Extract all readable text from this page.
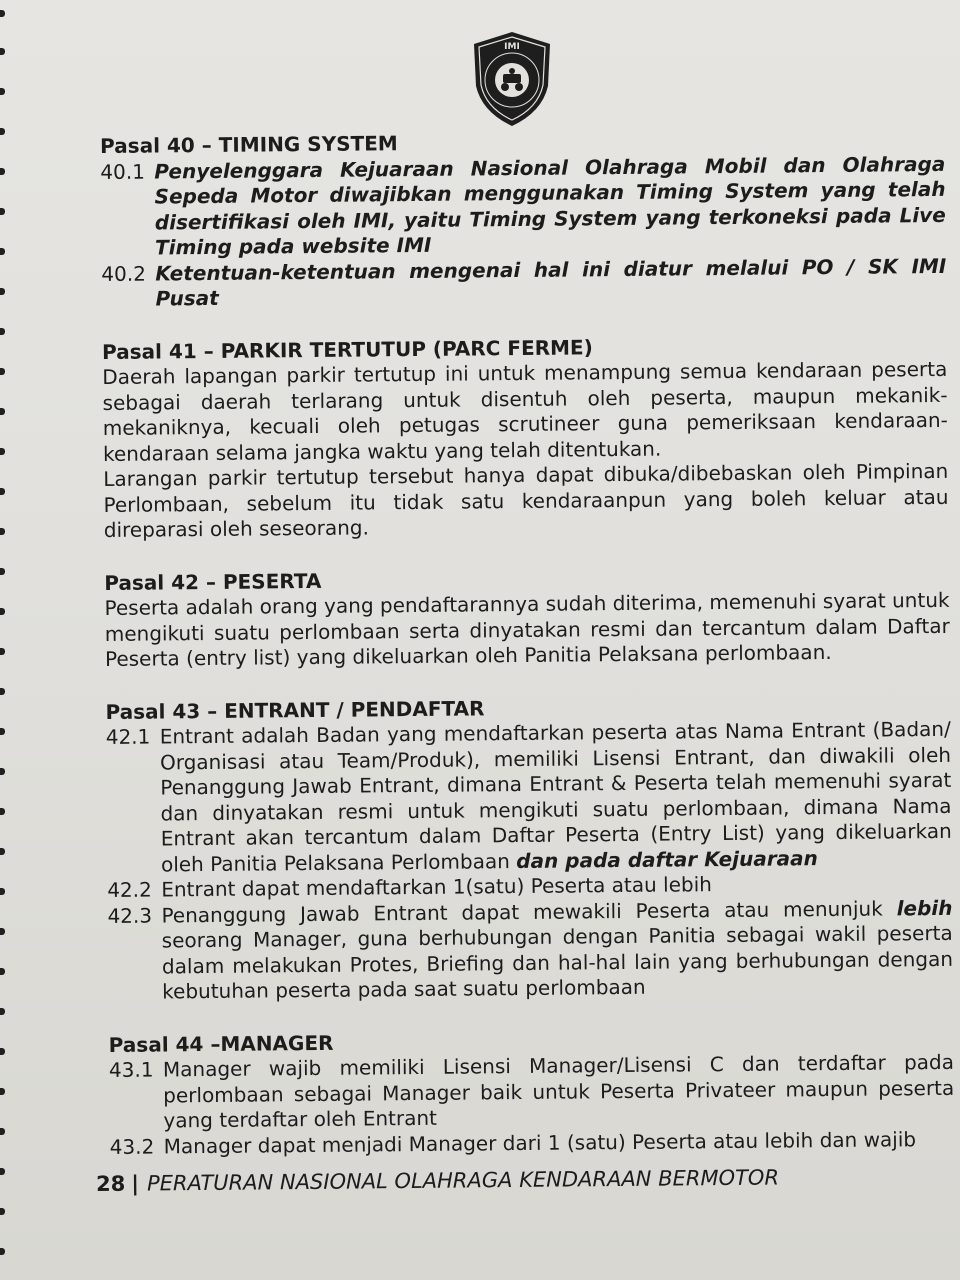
IMI

Pasal 40 – TIMING SYSTEM

40.1 Penyelenggara Kejuaraan Nasional Olahraga Mobil dan Olahraga Sepeda Motor diwajibkan menggunakan Timing System yang telah disertifikasi oleh IMI, yaitu Timing System yang terkoneksi pada Live Timing pada website IMI
40.2 Ketentuan-ketentuan mengenai hal ini diatur melalui PO / SK IMI Pusat

Pasal 41 – PARKIR TERTUTUP (PARC FERME)

Daerah lapangan parkir tertutup ini untuk menampung semua kendaraan peserta sebagai daerah terlarang untuk disentuh oleh peserta, maupun mekanik-mekaniknya, kecuali oleh petugas scrutineer guna pemeriksaan kendaraan-kendaraan selama jangka waktu yang telah ditentukan.

Larangan parkir tertutup tersebut hanya dapat dibuka/dibebaskan oleh Pimpinan Perlombaan, sebelum itu tidak satu kendaraanpun yang boleh keluar atau direparasi oleh seseorang.

Pasal 42 – PESERTA

Peserta adalah orang yang pendaftarannya sudah diterima, memenuhi syarat untuk mengikuti suatu perlombaan serta dinyatakan resmi dan tercantum dalam Daftar Peserta (entry list) yang dikeluarkan oleh Panitia Pelaksana perlombaan.

Pasal 43 – ENTRANT / PENDAFTAR

42.1 Entrant adalah Badan yang mendaftarkan peserta atas Nama Entrant (Badan/ Organisasi atau Team/Produk), memiliki Lisensi Entrant, dan diwakili oleh Penanggung Jawab Entrant, dimana Entrant & Peserta telah memenuhi syarat dan dinyatakan resmi untuk mengikuti suatu perlombaan, dimana Nama Entrant akan tercantum dalam Daftar Peserta (Entry List) yang dikeluarkan oleh Panitia Pelaksana Perlombaan dan pada daftar Kejuaraan
42.2 Entrant dapat mendaftarkan 1(satu) Peserta atau lebih
42.3 Penanggung Jawab Entrant dapat mewakili Peserta atau menunjuk lebih seorang Manager, guna berhubungan dengan Panitia sebagai wakil peserta dalam melakukan Protes, Briefing dan hal-hal lain yang berhubungan dengan kebutuhan peserta pada saat suatu perlombaan

Pasal 44 –MANAGER

43.1 Manager wajib memiliki Lisensi Manager/Lisensi C dan terdaftar pada perlombaan sebagai Manager baik untuk Peserta Privateer maupun peserta yang terdaftar oleh Entrant
43.2 Manager dapat menjadi Manager dari 1 (satu) Peserta atau lebih dan wajib
28 | PERATURAN NASIONAL OLAHRAGA KENDARAAN BERMOTOR
